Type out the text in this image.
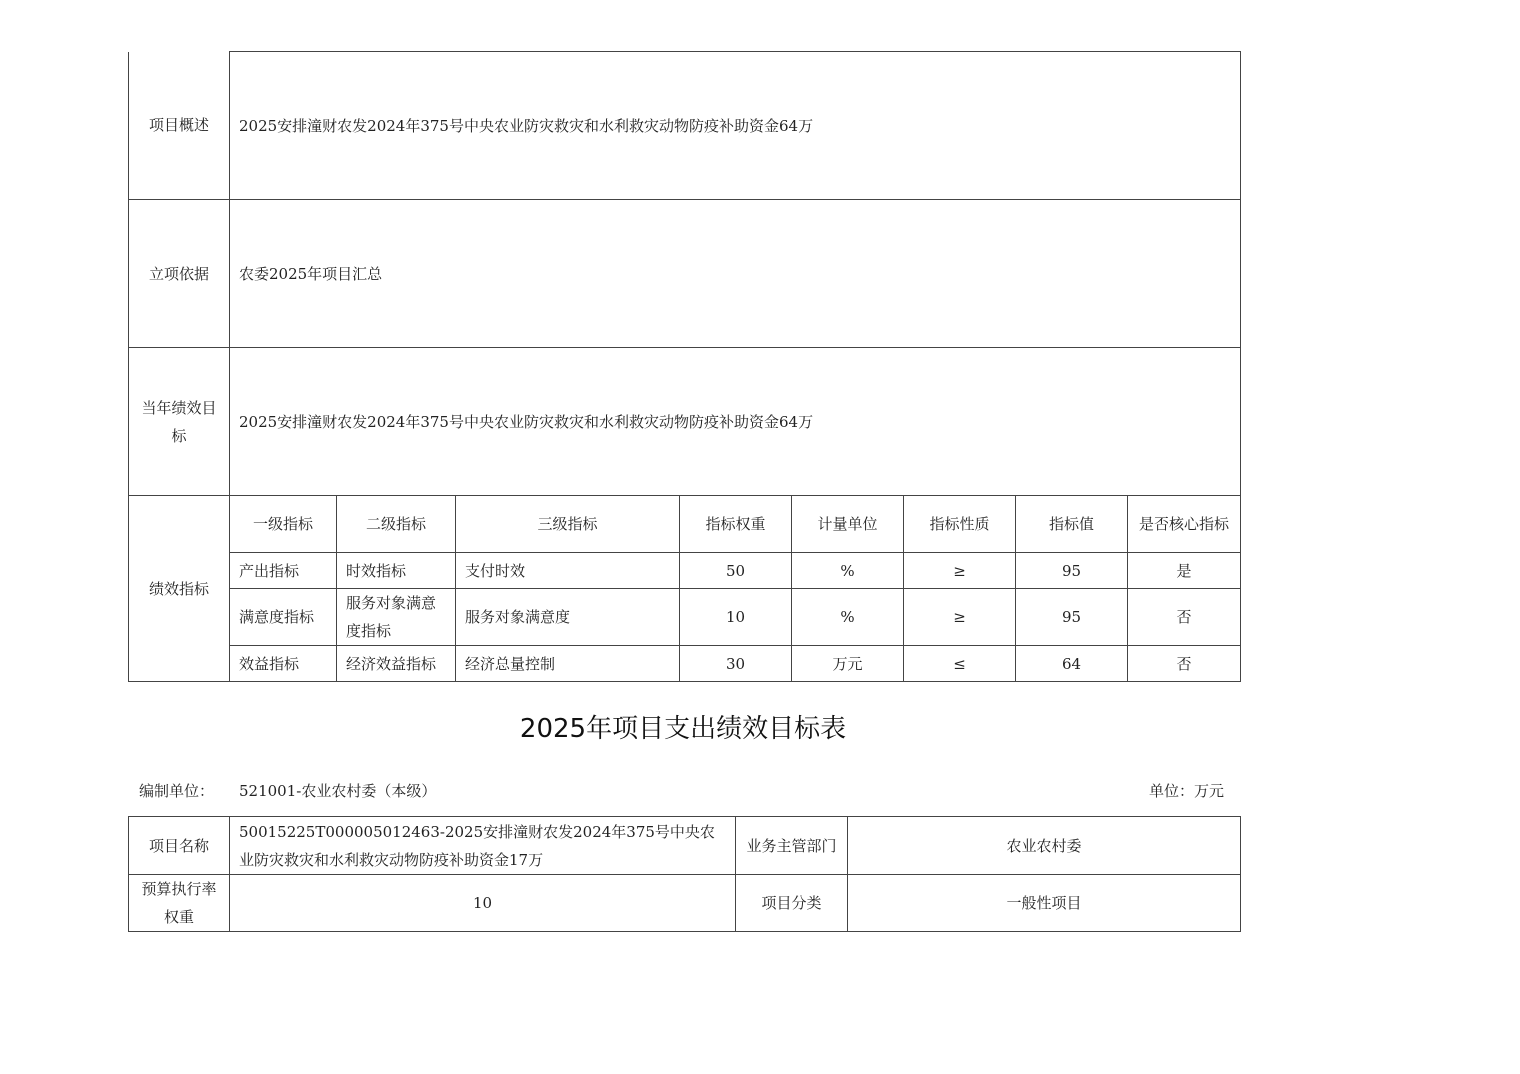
项目概述	2025安排潼财农发2024年375号中央农业防灾救灾和水利救灾动物防疫补助资金64万							
立项依据	农委2025年项目汇总							
当年绩效目标	2025安排潼财农发2024年375号中央农业防灾救灾和水利救灾动物防疫补助资金64万							
绩效指标	一级指标	二级指标	三级指标	指标权重	计量单位	指标性质	指标值	是否核心指标
	产出指标	时效指标	支付时效	50	%	≥	95	是
	满意度指标	服务对象满意度指标	服务对象满意度	10	%	≥	95	否
	效益指标	经济效益指标	经济总量控制	30	万元	≤	64	否
2025年项目支出绩效目标表
编制单位： 521001-农业农村委（本级）	单位：万元
项目名称	50015225T000005012463-2025安排潼财农发2024年375号中央农业防灾救灾和水利救灾动物防疫补助资金17万	业务主管部门	农业农村委
预算执行率权重	10	项目分类	一般性项目
